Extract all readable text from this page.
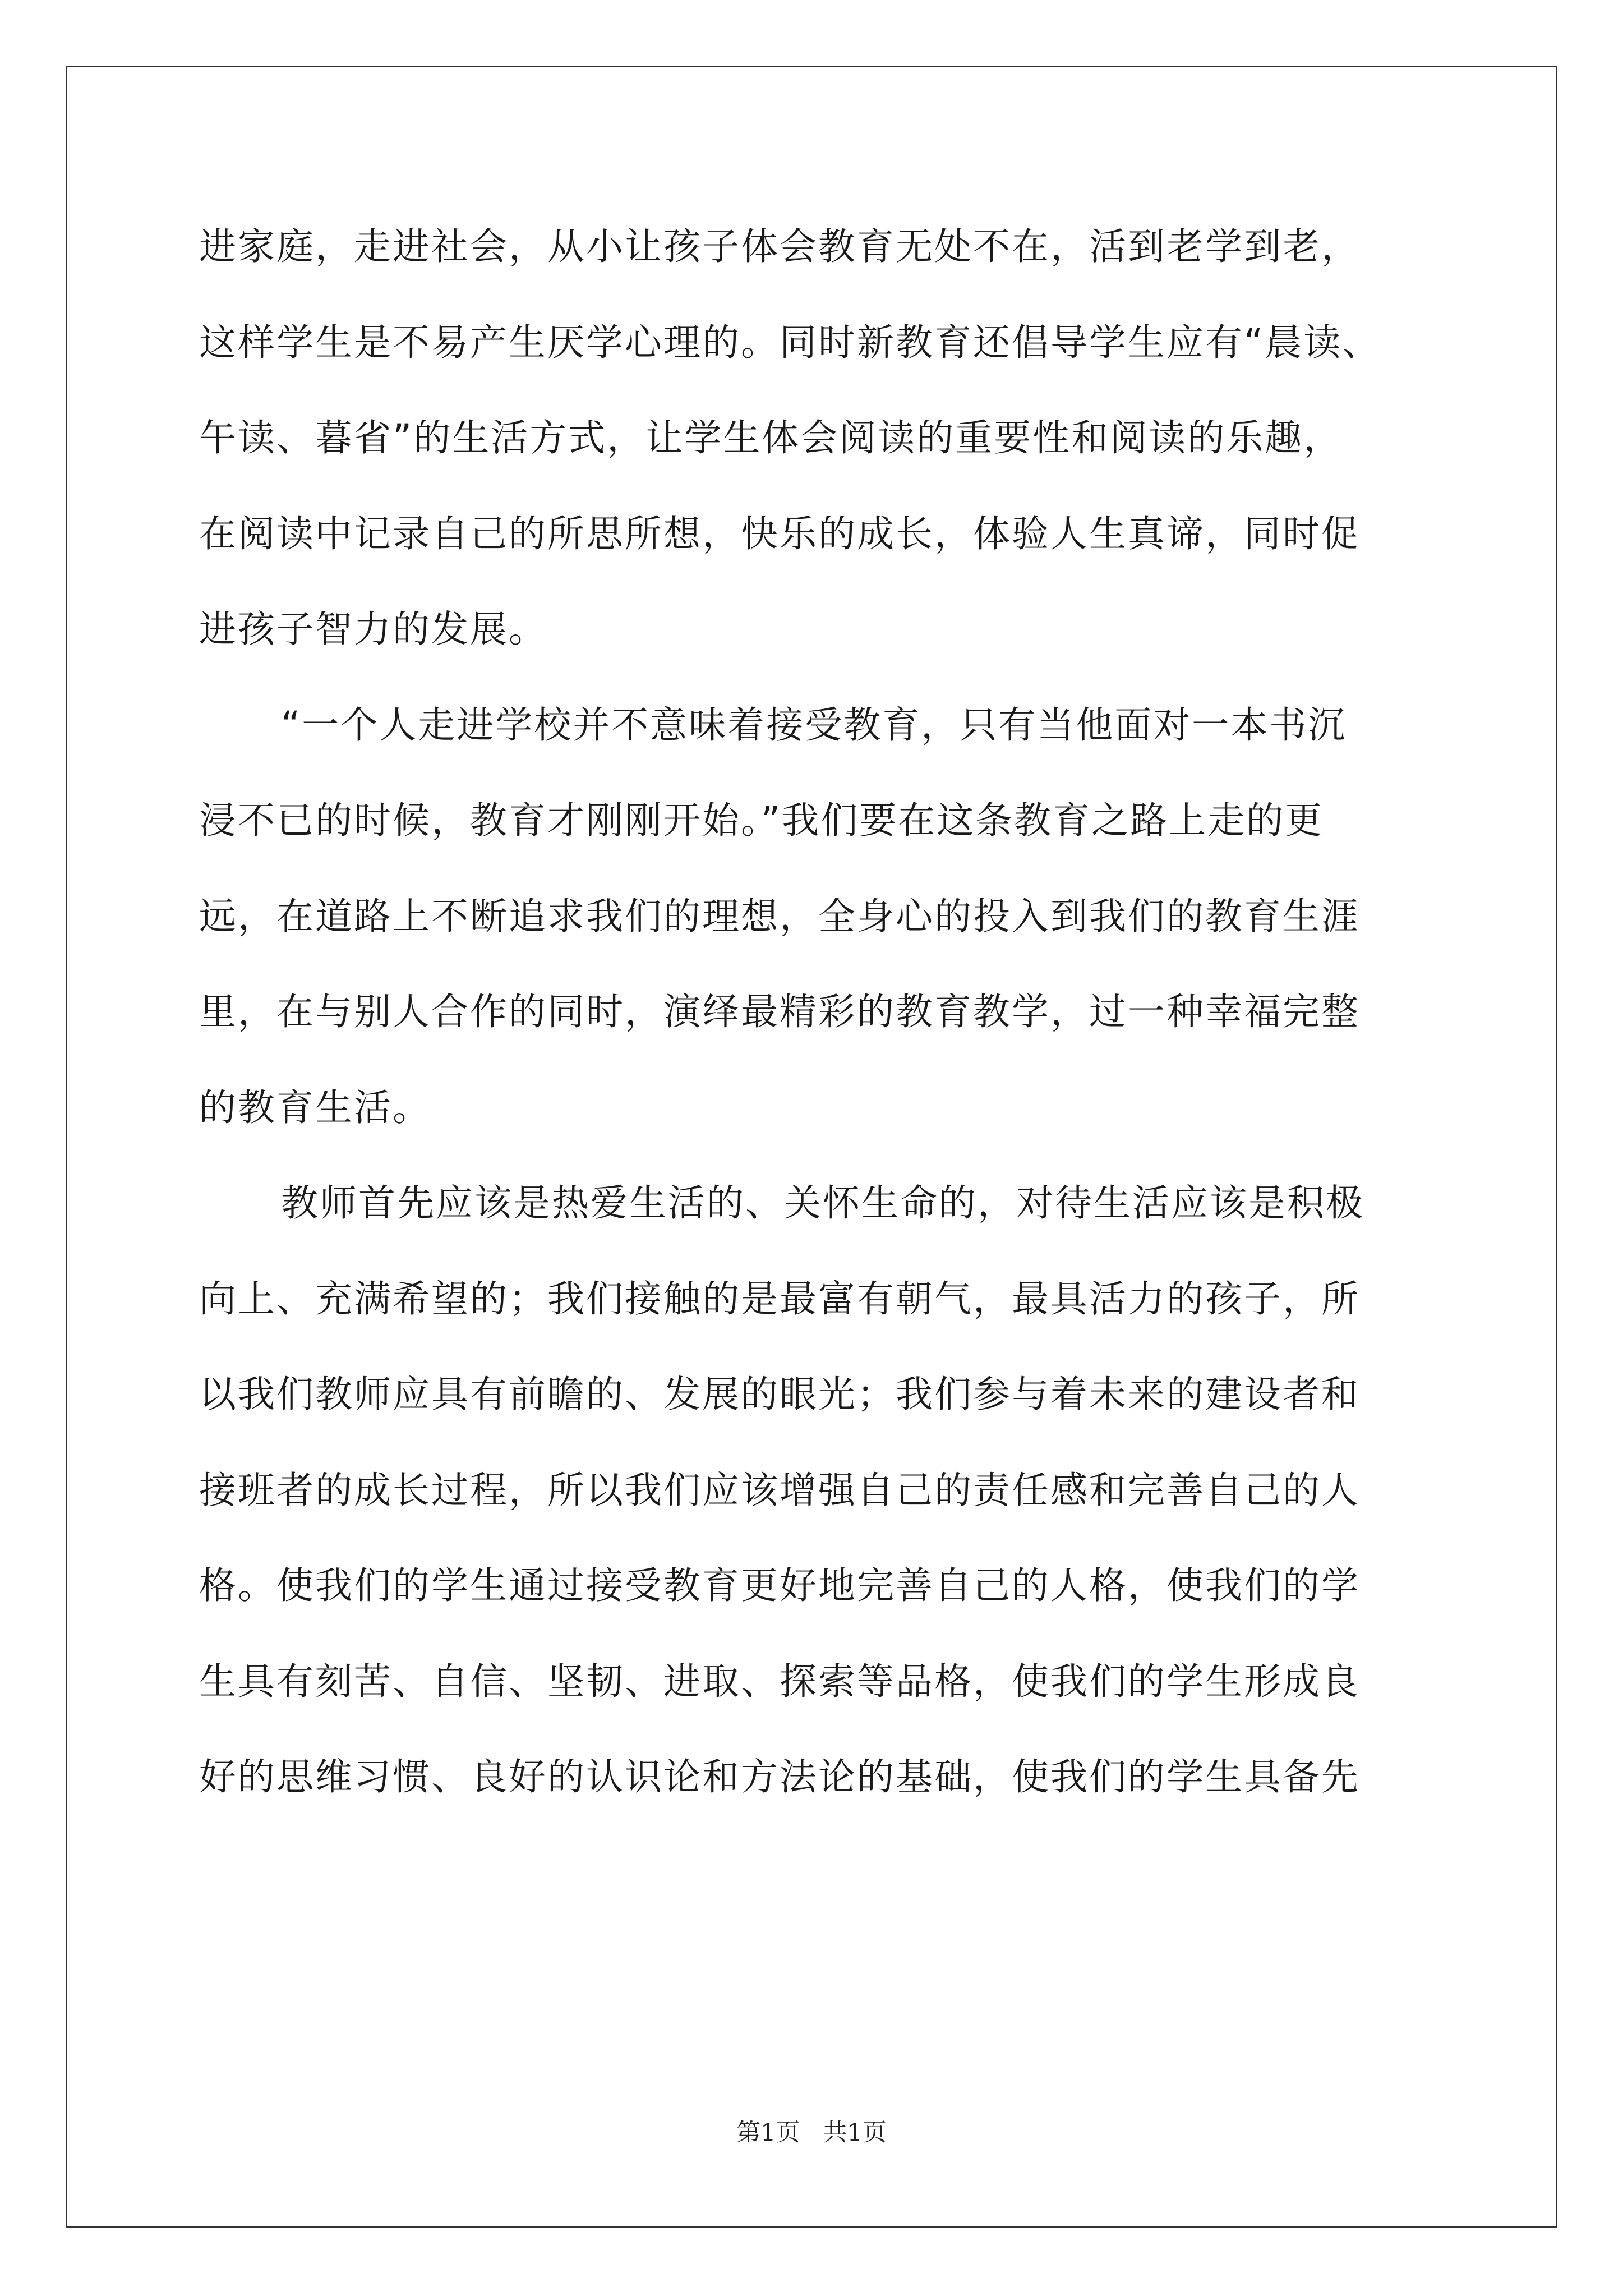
进家庭，走进社会，从小让孩子体会教育无处不在，活到老学到老，
这样学生是不易产生厌学心理的。同时新教育还倡导学生应有“晨读、
午读、暮省”的生活方式，让学生体会阅读的重要性和阅读的乐趣，
在阅读中记录自己的所思所想，快乐的成长，体验人生真谛，同时促
进孩子智力的发展。
“一个人走进学校并不意味着接受教育，只有当他面对一本书沉
浸不已的时候，教育才刚刚开始。”我们要在这条教育之路上走的更
远，在道路上不断追求我们的理想，全身心的投入到我们的教育生涯
里，在与别人合作的同时，演绎最精彩的教育教学，过一种幸福完整
的教育生活。
教师首先应该是热爱生活的、关怀生命的，对待生活应该是积极
向上、充满希望的；我们接触的是最富有朝气，最具活力的孩子，所
以我们教师应具有前瞻的、发展的眼光；我们参与着未来的建设者和
接班者的成长过程，所以我们应该增强自己的责任感和完善自己的人
格。使我们的学生通过接受教育更好地完善自己的人格，使我们的学
生具有刻苦、自信、坚韧、进取、探索等品格，使我们的学生形成良
好的思维习惯、良好的认识论和方法论的基础，使我们的学生具备先
第1页   共1页
